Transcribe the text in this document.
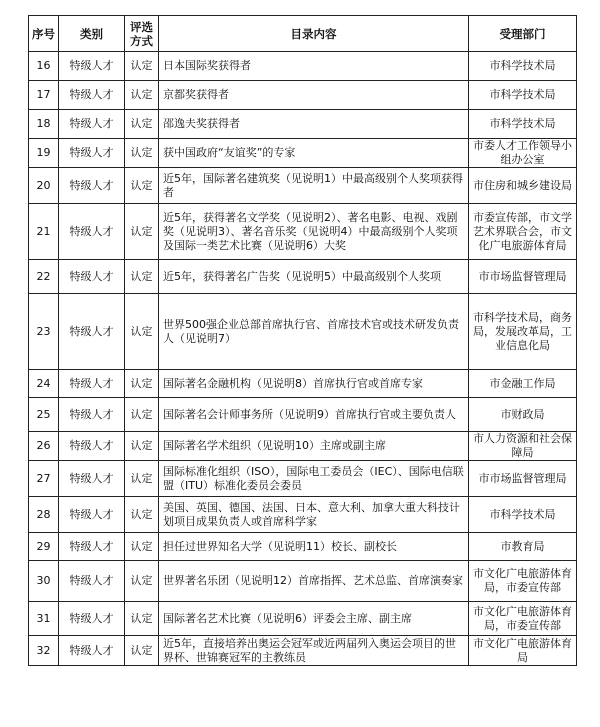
序号	类别	评选方式	目录内容	受理部门
16	特级人才	认定	日本国际奖获得者	市科学技术局
17	特级人才	认定	京都奖获得者	市科学技术局
18	特级人才	认定	邵逸夫奖获得者	市科学技术局
19	特级人才	认定	获中国政府“友谊奖”的专家	市委人才工作领导小组办公室
20	特级人才	认定	近5年，国际著名建筑奖（见说明1）中最高级别个人奖项获得者	市住房和城乡建设局
21	特级人才	认定	近5年，获得著名文学奖（见说明2）、著名电影、电视、戏剧奖（见说明3）、著名音乐奖（见说明4）中最高级别个人奖项及国际一类艺术比赛（见说明6）大奖	市委宣传部，市文学艺术界联合会，市文化广电旅游体育局
22	特级人才	认定	近5年，获得著名广告奖（见说明5）中最高级别个人奖项	市市场监督管理局
23	特级人才	认定	世界500强企业总部首席执行官、首席技术官或技术研发负责人（见说明7）	市科学技术局，商务局，发展改革局，工业信息化局
24	特级人才	认定	国际著名金融机构（见说明8）首席执行官或首席专家	市金融工作局
25	特级人才	认定	国际著名会计师事务所（见说明9）首席执行官或主要负责人	市财政局
26	特级人才	认定	国际著名学术组织（见说明10）主席或副主席	市人力资源和社会保障局
27	特级人才	认定	国际标准化组织（ISO），国际电工委员会（IEC）、国际电信联盟（ITU）标准化委员会委员	市市场监督管理局
28	特级人才	认定	美国、英国、德国、法国、日本、意大利、加拿大重大科技计划项目成果负责人或首席科学家	市科学技术局
29	特级人才	认定	担任过世界知名大学（见说明11）校长、副校长	市教育局
30	特级人才	认定	世界著名乐团（见说明12）首席指挥、艺术总监、首席演奏家	市文化广电旅游体育局，市委宣传部
31	特级人才	认定	国际著名艺术比赛（见说明6）评委会主席、副主席	市文化广电旅游体育局，市委宣传部
32	特级人才	认定	近5年，直接培养出奥运会冠军或近两届列入奥运会项目的世界杯、世锦赛冠军的主教练员	市文化广电旅游体育局
